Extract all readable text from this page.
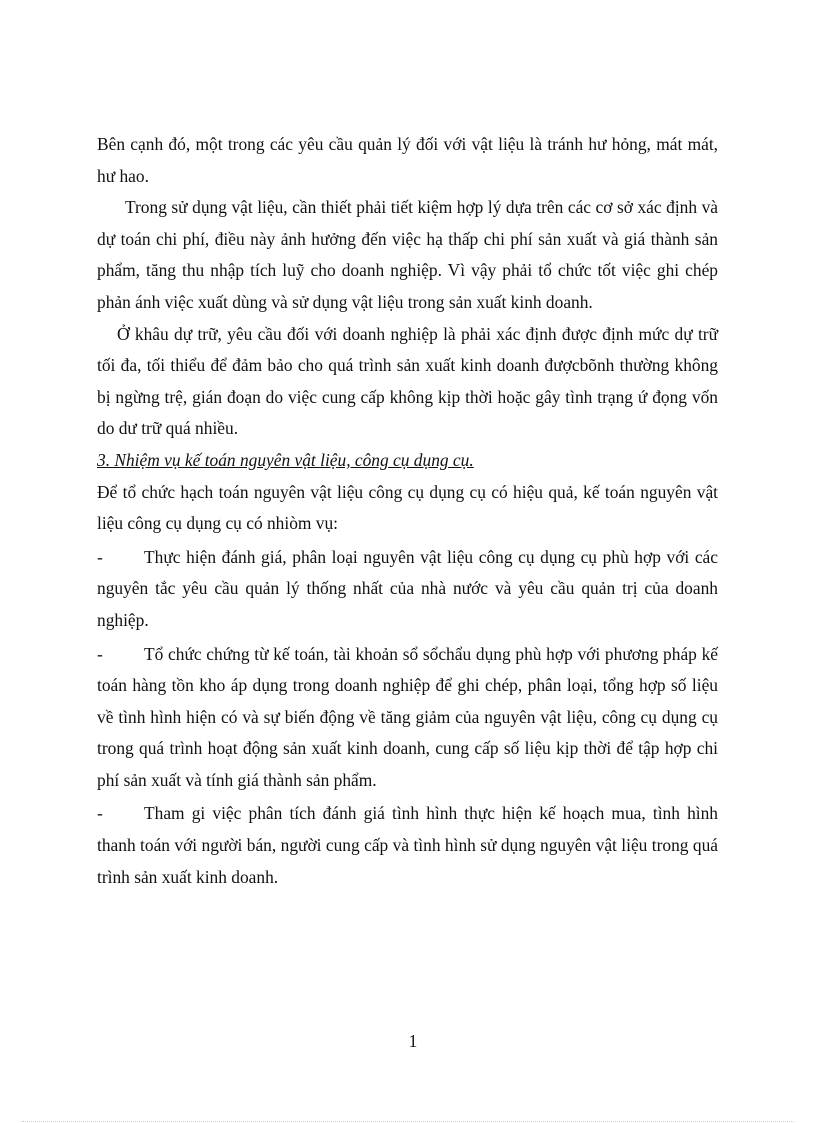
Bên cạnh đó, một trong các yêu cầu quản lý đối với vật liệu là tránh hư hỏng, mát mát, hư hao.

Trong sử dụng vật liệu, cần thiết phải tiết kiệm hợp lý dựa trên các cơ sở xác định và dự toán chi phí, điều này ảnh hưởng đến việc hạ thấp chi phí sản xuất và giá thành sản phẩm, tăng thu nhập tích luỹ cho doanh nghiệp. Vì vậy phải tổ chức tốt việc ghi chép phản ánh việc xuất dùng và sử dụng vật liệu trong sản xuất kinh doanh.

Ở khâu dự trữ, yêu cầu đối với doanh nghiệp là phải xác định được định mức dự trữ tối đa, tối thiểu để đảm bảo cho quá trình sản xuất kinh doanh đượcbõnh thường không bị ngừng trệ, gián đoạn do việc cung cấp không kịp thời hoặc gây tình trạng ứ đọng vốn do dư trữ quá nhiều.

3. Nhiệm vụ kế toán nguyên vật liệu, công cụ dụng cụ.

Để tổ chức hạch toán nguyên vật liệu công cụ dụng cụ có hiệu quả, kế toán nguyên vật liệu công cụ dụng cụ có nhiòm vụ:

- Thực hiện đánh giá, phân loại nguyên vật liệu công cụ dụng cụ phù hợp với các nguyên tắc yêu cầu quản lý thống nhất của nhà nước và yêu cầu quản trị của doanh nghiệp.

- Tổ chức chứng từ kế toán, tài khoản sổ sổchẩu dụng phù hợp với phương pháp kế toán hàng tồn kho áp dụng trong doanh nghiệp để ghi chép, phân loại, tổng hợp số liệu về tình hình hiện có và sự biến động về tăng giảm của nguyên vật liệu, công cụ dụng cụ trong quá trình hoạt động sản xuất kinh doanh, cung cấp số liệu kịp thời để tập hợp chi phí sản xuất và tính giá thành sản phẩm.

- Tham gi việc phân tích đánh giá tình hình thực hiện kế hoạch mua, tình hình thanh toán với người bán, người cung cấp và tình hình sử dụng nguyên vật liệu trong quá trình sản xuất kinh doanh.

1
